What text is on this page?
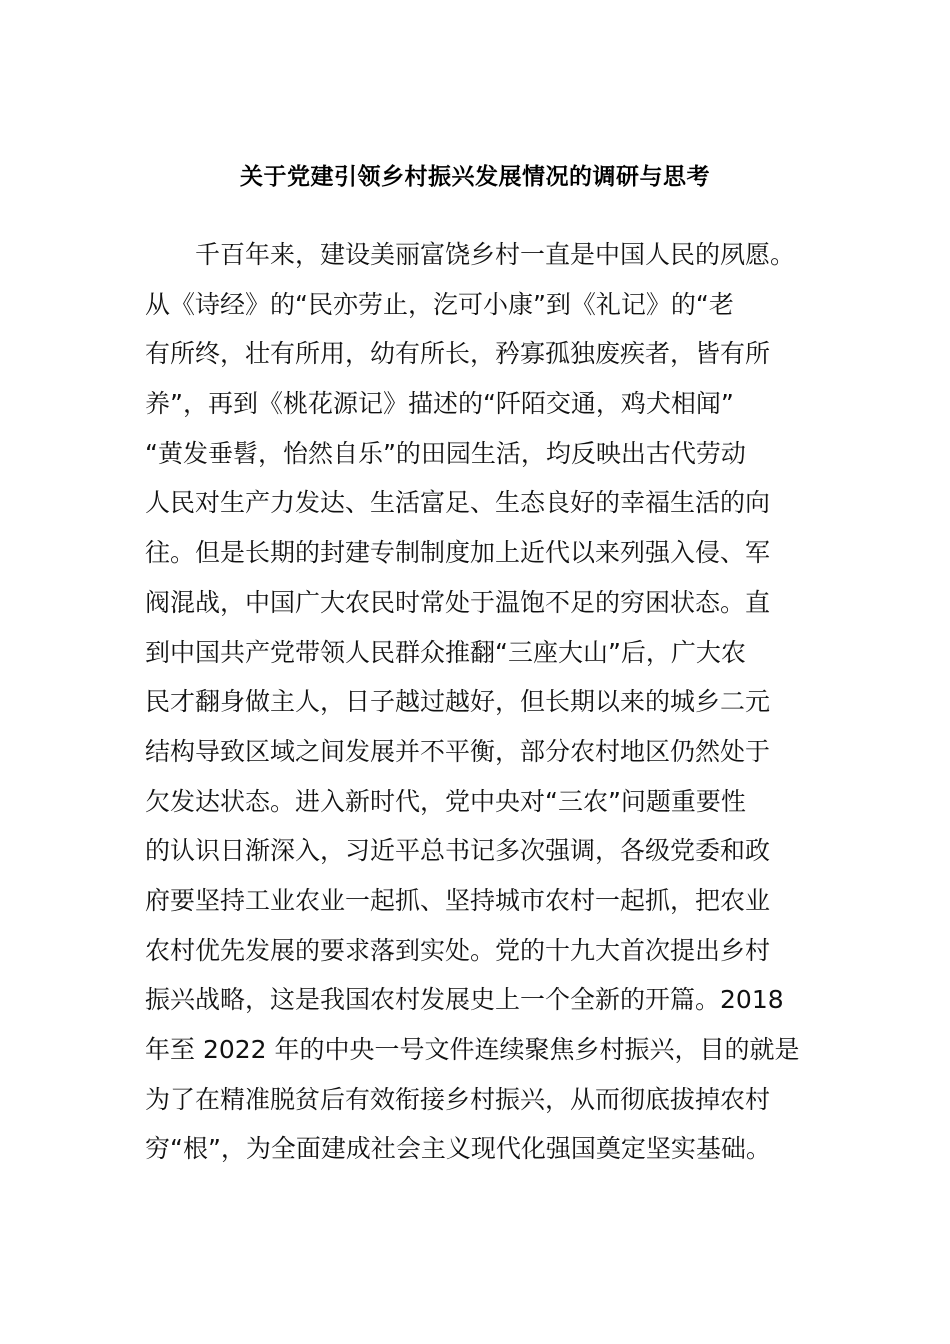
关于党建引领乡村振兴发展情况的调研与思考
千百年来，建设美丽富饶乡村一直是中国人民的夙愿。
从《诗经》的“民亦劳止，汔可小康”到《礼记》的“老
有所终，壮有所用，幼有所长，矜寡孤独废疾者，皆有所
养”，再到《桃花源记》描述的“阡陌交通，鸡犬相闻”
“黄发垂髫，怡然自乐”的田园生活，均反映出古代劳动
人民对生产力发达、生活富足、生态良好的幸福生活的向
往。但是长期的封建专制制度加上近代以来列强入侵、军
阀混战，中国广大农民时常处于温饱不足的穷困状态。直
到中国共产党带领人民群众推翻“三座大山”后，广大农
民才翻身做主人，日子越过越好，但长期以来的城乡二元
结构导致区域之间发展并不平衡，部分农村地区仍然处于
欠发达状态。进入新时代，党中央对“三农”问题重要性
的认识日渐深入，习近平总书记多次强调，各级党委和政
府要坚持工业农业一起抓、坚持城市农村一起抓，把农业
农村优先发展的要求落到实处。党的十九大首次提出乡村
振兴战略，这是我国农村发展史上一个全新的开篇。2018
年至 2022 年的中央一号文件连续聚焦乡村振兴，目的就是
为了在精准脱贫后有效衔接乡村振兴，从而彻底拔掉农村
穷“根”，为全面建成社会主义现代化强国奠定坚实基础。
